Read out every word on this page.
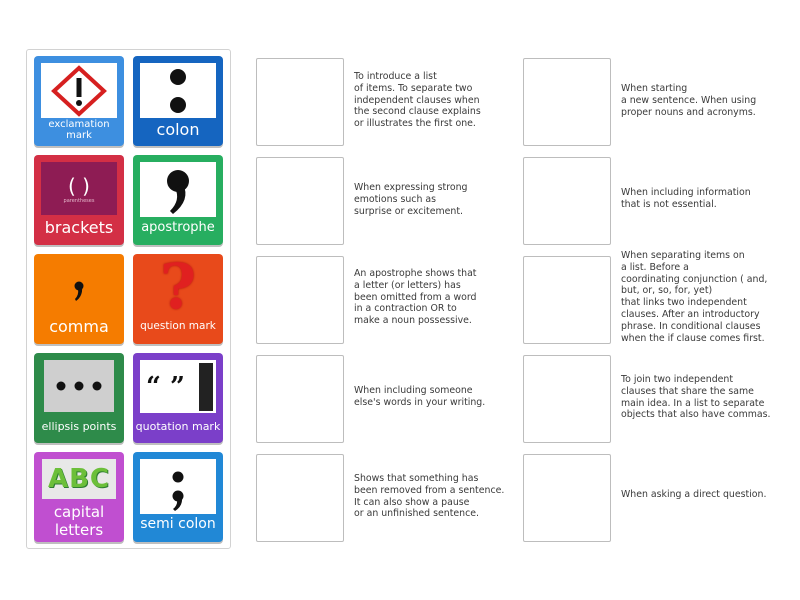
exclamation mark	colon
( )
parentheses
brackets	apostrophe
comma
?
question mark
ellipsis points
“ ”
quotation mark
ABC
capital letters	semi colon
To introduce a list
of items. To separate two
independent clauses when
the second clause explains
or illustrates the first one.
When expressing strong
emotions such as
surprise or excitement.
An apostrophe shows that
a letter (or letters) has
been omitted from a word
in a contraction OR to
make a noun possessive.
When including someone
else's words in your writing.
Shows that something has
been removed from a sentence.
It can also show a pause
or an unfinished sentence.
When starting
a new sentence. When using
proper nouns and acronyms.
When including information
that is not essential.
When separating items on
a list. Before a
coordinating conjunction ( and,
but, or, so, for, yet)
that links two independent
clauses. After an introductory
phrase. In conditional clauses
when the if clause comes first.
To join two independent
clauses that share the same
main idea. In a list to separate
objects that also have commas.
When asking a direct question.
